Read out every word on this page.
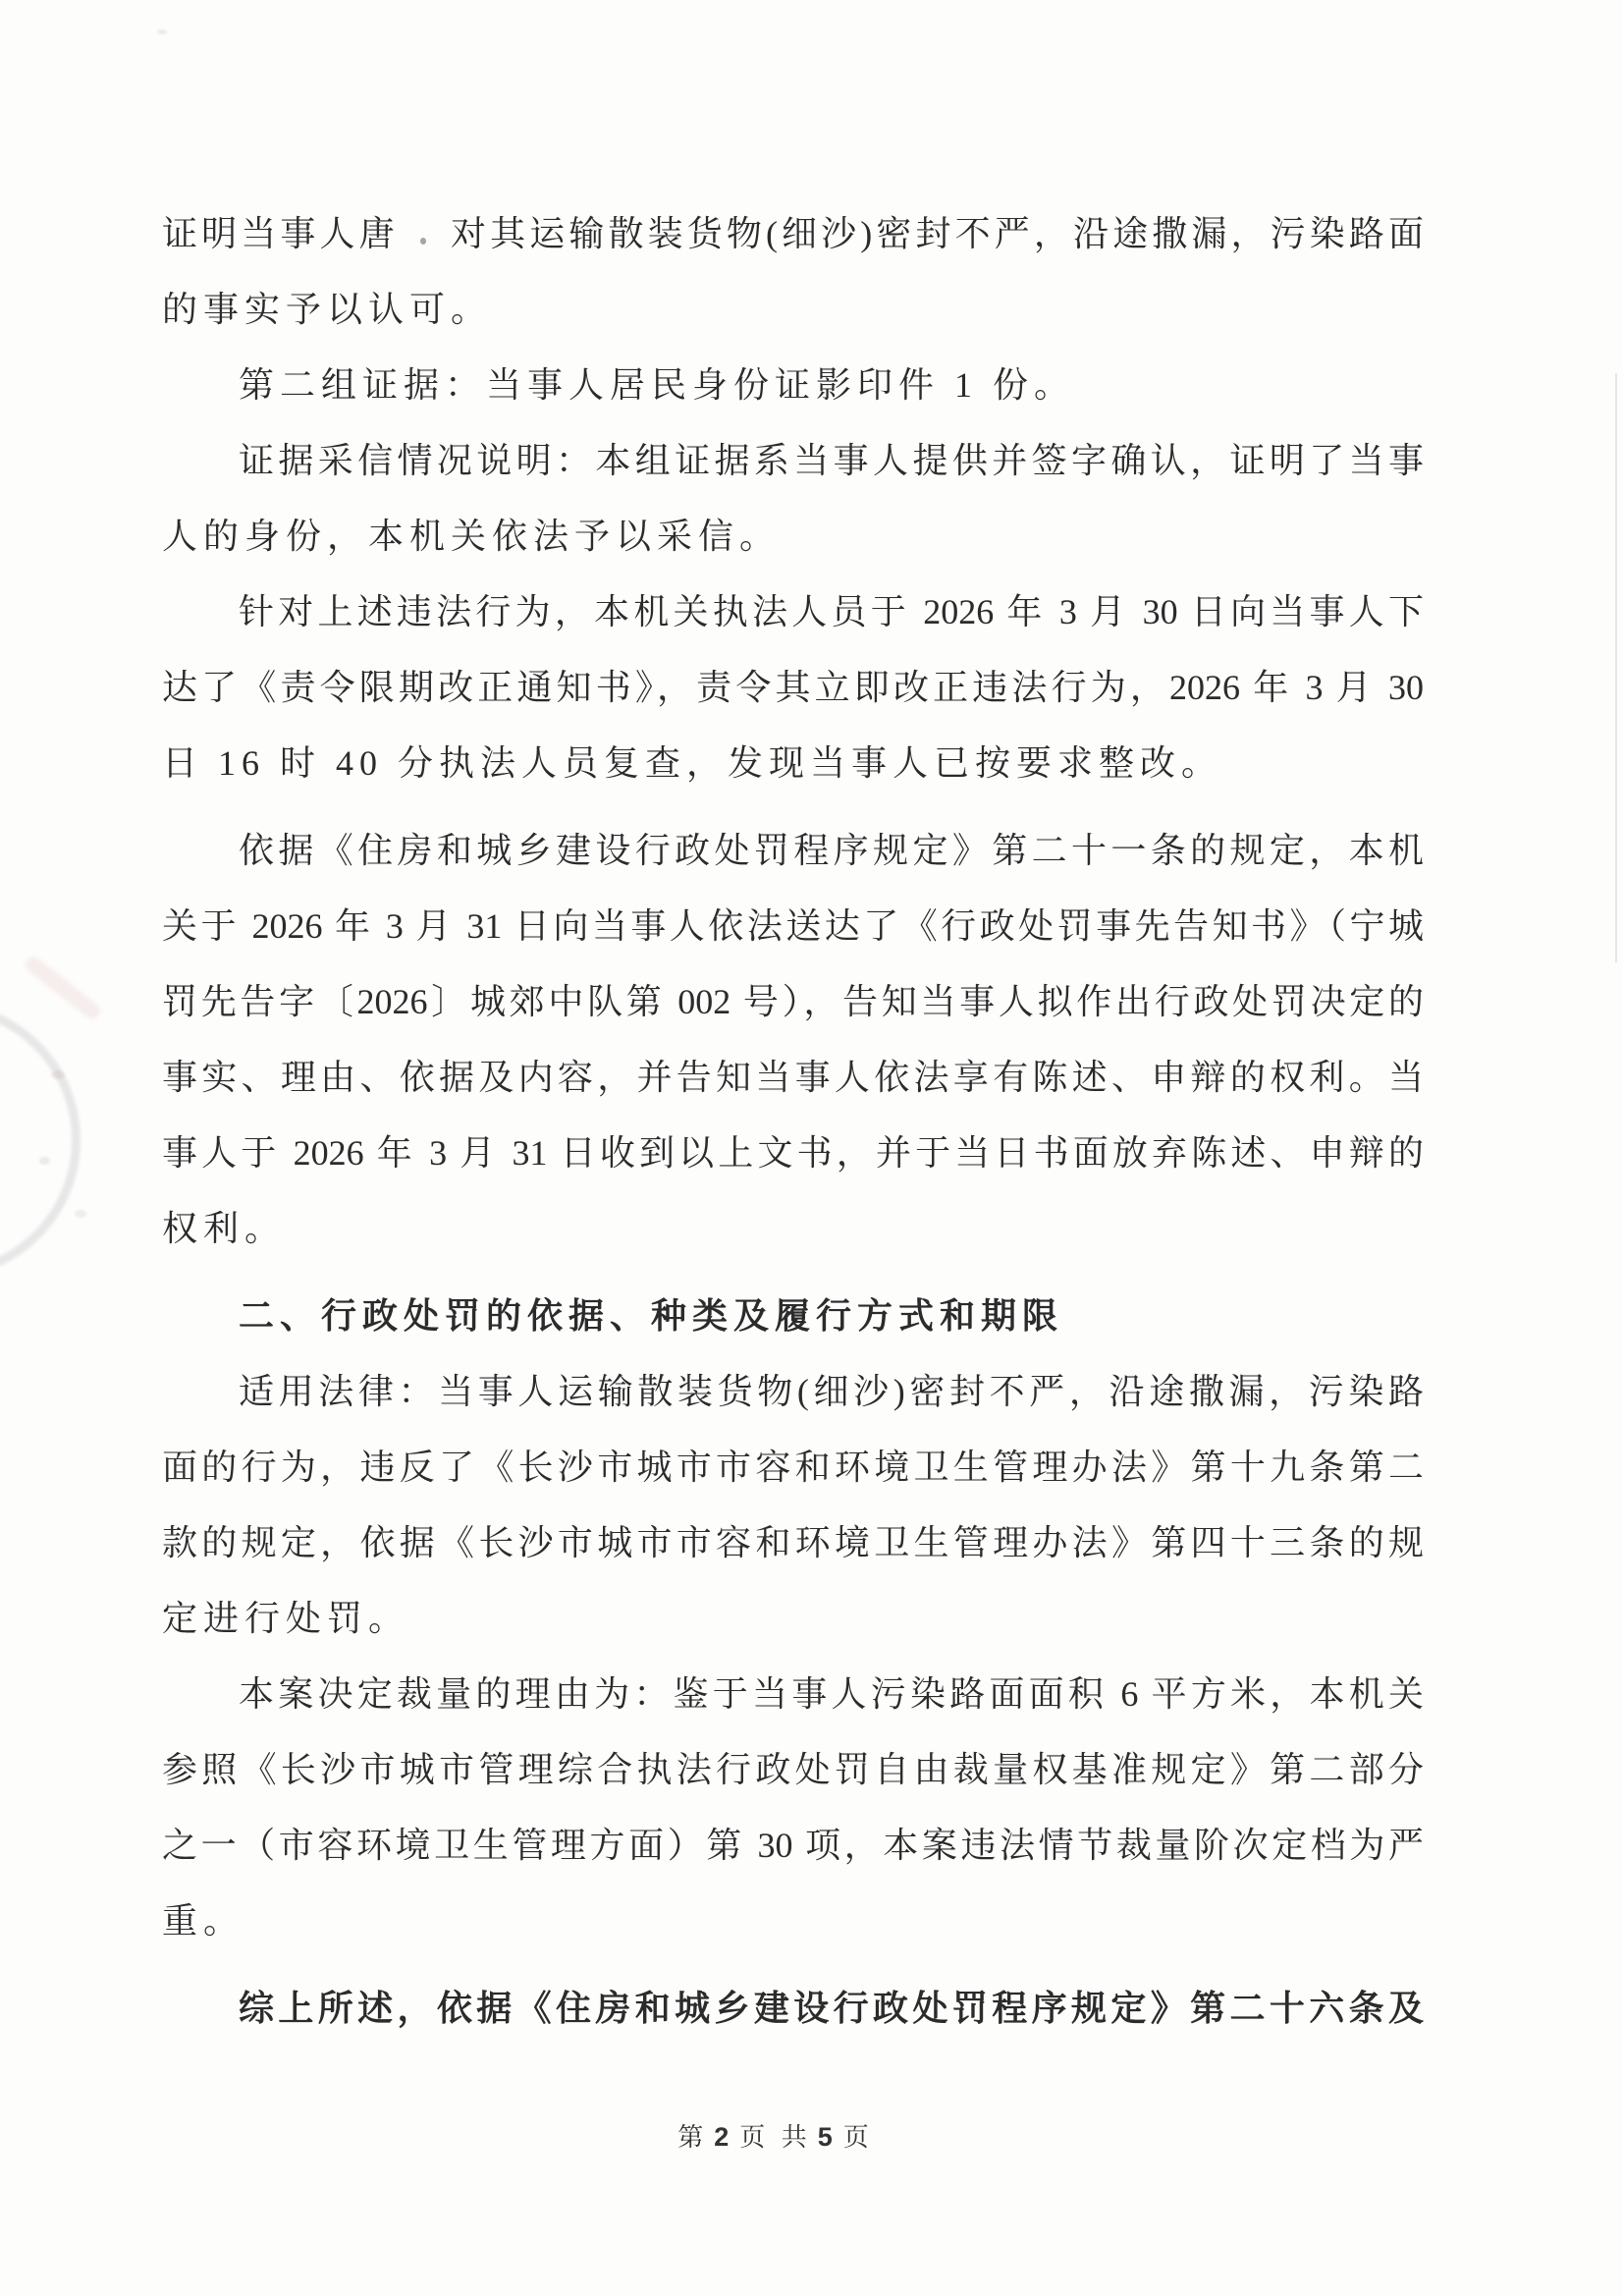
证明当事人唐　 对其运输散装货物(细沙)密封不严，沿途撒漏，污染路面
的事实予以认可。
第二组证据：当事人居民身份证影印件 1 份。
证据采信情况说明：本组证据系当事人提供并签字确认，证明了当事
人的身份，本机关依法予以采信。
针对上述违法行为，本机关执法人员于 2026 年 3 月 30 日向当事人下
达了《责令限期改正通知书》，责令其立即改正违法行为，2026 年 3 月 30
日 16 时 40 分执法人员复查，发现当事人已按要求整改。
依据《住房和城乡建设行政处罚程序规定》第二十一条的规定，本机
关于 2026 年 3 月 31 日向当事人依法送达了《行政处罚事先告知书》（宁城
罚先告字〔2026〕城郊中队第 002 号），告知当事人拟作出行政处罚决定的
事实、理由、依据及内容，并告知当事人依法享有陈述、申辩的权利。当
事人于 2026 年 3 月 31 日收到以上文书，并于当日书面放弃陈述、申辩的
权利。
二、行政处罚的依据、种类及履行方式和期限
适用法律：当事人运输散装货物(细沙)密封不严，沿途撒漏，污染路
面的行为，违反了《长沙市城市市容和环境卫生管理办法》第十九条第二
款的规定，依据《长沙市城市市容和环境卫生管理办法》第四十三条的规
定进行处罚。
本案决定裁量的理由为：鉴于当事人污染路面面积 6 平方米，本机关
参照《长沙市城市管理综合执法行政处罚自由裁量权基准规定》第二部分
之一（市容环境卫生管理方面）第 30 项，本案违法情节裁量阶次定档为严
重。
综上所述，依据《住房和城乡建设行政处罚程序规定》第二十六条及
第 2 页 共 5 页
